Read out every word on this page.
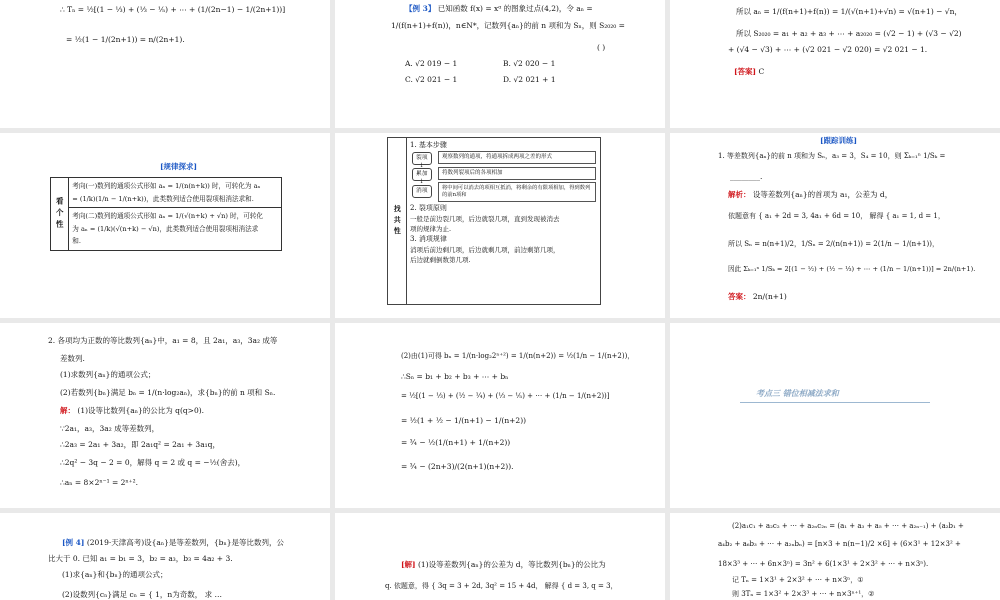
∴ Tₙ = ½[(1 − ⅓) + (⅓ − ⅕) + ⋯ + (1/(2n−1) − 1/(2n+1))]
= ½(1 − 1/(2n+1)) = n/(2n+1).
【例 3】 已知函数 f(x) = xᵅ 的图象过点(4,2)，令 aₙ =
1/(f(n+1)+f(n))，n∈N*，记数列{aₙ}的前 n 项和为 Sₙ，则 S₂₀₂₀ =
( )
A. √2 019 − 1	B. √2 020 − 1
C. √2 021 − 1	D. √2 021 + 1
所以 aₙ = 1/(f(n+1)+f(n)) = 1/(√(n+1)+√n) = √(n+1) − √n，
所以 S₂₀₂₀ = a₁ + a₂ + a₃ + ⋯ + a₂₀₂₀ = (√2 − 1) + (√3 − √2)
+ (√4 − √3) + ⋯ + (√2 021 − √2 020) = √2 021 − 1.
[答案] C
[规律探求]
看个性	
考向(一)数列的通项公式形如 aₙ = 1/(n(n+k)) 时，可转化为 aₙ
= (1/k)(1/n − 1/(n+k))，此类数列适合使用裂项相消法求和.

考向(二)数列的通项公式形如 aₙ = 1/(√(n+k) + √n) 时，可转化
为 aₙ = (1/k)(√(n+k) − √n)，此类数列适合使用裂项相消法求
和.
找共性
1. 基本步骤
裂项	观察数列的通项，将通项拆成两项之差的形式
↓
累加	将数列裂项后的各项相加
↓
消项	将中间可以消去的项相互抵消，将剩余的有限项相加，得到数列的前n项和
2. 裂项原则
一般是前边裂几项，后边就裂几项，直到发现被消去
项的规律为止.
3. 消项规律
消项后前边剩几项，后边就剩几项，前边剩第几项，
后边就剩倒数第几项.
[跟踪训练]
1. 等差数列{aₙ}的前 n 项和为 Sₙ，a₃ = 3，S₄ = 10，则 Σₖ₌₁ⁿ 1/Sₖ =
________.
解析： 设等差数列{aₙ}的首项为 a₁，公差为 d，
依题意有 { a₁ + 2d = 3, 4a₁ + 6d = 10， 解得 { a₁ = 1, d = 1，
所以 Sₙ = n(n+1)/2，1/Sₙ = 2/(n(n+1)) = 2(1/n − 1/(n+1))，
因此 Σₖ₌₁ⁿ 1/Sₖ = 2[(1 − ½) + (½ − ⅓) + ⋯ + (1/n − 1/(n+1))] = 2n/(n+1).
答案： 2n/(n+1)
2. 各项均为正数的等比数列{aₙ}中，a₁ = 8，且 2a₁，a₃，3a₂ 成等
差数列.
(1)求数列{aₙ}的通项公式；
(2)若数列{bₙ}满足 bₙ = 1/(n·log₂aₙ)，求{bₙ}的前 n 项和 Sₙ.
解： (1)设等比数列{aₙ}的公比为 q(q>0).
∵2a₁，a₃，3a₂ 成等差数列，
∴2a₃ = 2a₁ + 3a₂，即 2a₁q² = 2a₁ + 3a₁q，
∴2q² − 3q − 2 = 0，解得 q = 2 或 q = −½(舍去)，
∴aₙ = 8×2ⁿ⁻¹ = 2ⁿ⁺².
(2)由(1)可得 bₙ = 1/(n·log₂2ⁿ⁺²) = 1/(n(n+2)) = ½(1/n − 1/(n+2))，
∴Sₙ = b₁ + b₂ + b₃ + ⋯ + bₙ
= ½[(1 − ⅓) + (½ − ¼) + (⅓ − ⅕) + ⋯ + (1/n − 1/(n+2))]
= ½(1 + ½ − 1/(n+1) − 1/(n+2))
= ¾ − ½(1/(n+1) + 1/(n+2))
= ¾ − (2n+3)/(2(n+1)(n+2)).
考点三 错位相减法求和
[例 4] (2019·天津高考)设{aₙ}是等差数列，{bₙ}是等比数列，公
比大于 0. 已知 a₁ = b₁ = 3，b₂ = a₃，b₃ = 4a₂ + 3.
(1)求{aₙ}和{bₙ}的通项公式；
(2)设数列{cₙ}满足 cₙ = { 1，n为奇数， 求 …
[解] (1)设等差数列{aₙ}的公差为 d，等比数列{bₙ}的公比为
q. 依题意，得 { 3q = 3 + 2d, 3q² = 15 + 4d， 解得 { d = 3, q = 3，
(2)a₁c₁ + a₂c₂ + ⋯ + a₂ₙc₂ₙ = (a₁ + a₃ + a₅ + ⋯ + a₂ₙ₋₁) + (a₂b₁ +
a₄b₂ + a₆b₃ + ⋯ + a₂ₙbₙ) = [n×3 + n(n−1)/2 ×6] + (6×3¹ + 12×3² +
18×3³ + ⋯ + 6n×3ⁿ) = 3n² + 6(1×3¹ + 2×3² + ⋯ + n×3ⁿ).
记 Tₙ = 1×3¹ + 2×3² + ⋯ + n×3ⁿ，①
则 3Tₙ = 1×3² + 2×3³ + ⋯ + n×3ⁿ⁺¹，②
